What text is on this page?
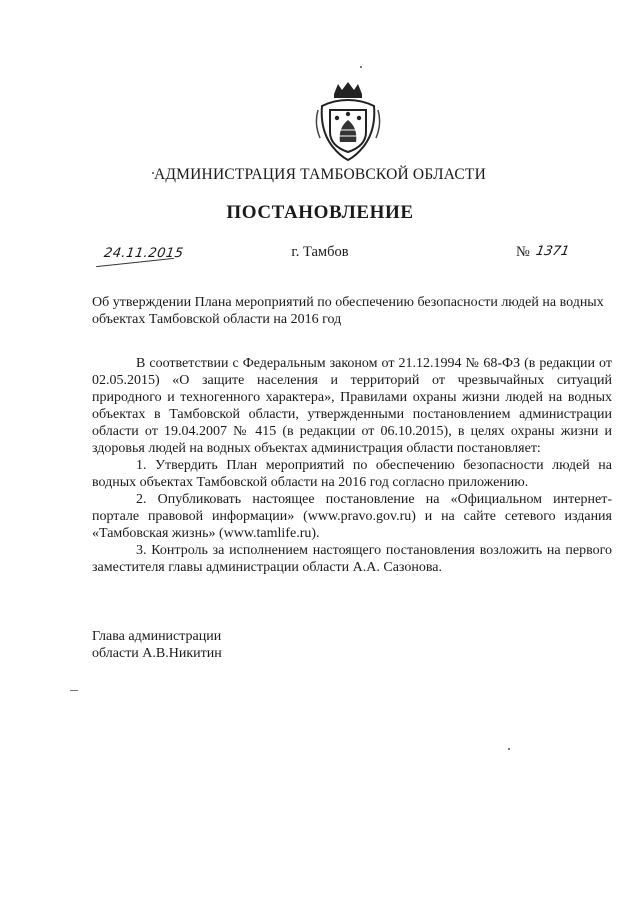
АДМИНИСТРАЦИЯ ТАМБОВСКОЙ ОБЛАСТИ
ПОСТАНОВЛЕНИЕ
24.11.2015	г. Тамбов	№ 1371
Об утверждении Плана мероприятий по обеспечению безопасности людей на водных объектах Тамбовской области на 2016 год

В соответствии с Федеральным законом от 21.12.1994 № 68-ФЗ (в редакции от 02.05.2015) «О защите населения и территорий от чрезвычайных ситуаций природного и техногенного характера», Правилами охраны жизни людей на водных объектах в Тамбовской области, утвержденными постановлением администрации области от 19.04.2007 № 415 (в редакции от 06.10.2015), в целях охраны жизни и здоровья людей на водных объектах администрация области постановляет:

1. Утвердить План мероприятий по обеспечению безопасности людей на водных объектах Тамбовской области на 2016 год согласно приложению.

2. Опубликовать настоящее постановление на «Официальном интернет-портале правовой информации» (www.pravo.gov.ru) и на сайте сетевого издания «Тамбовская жизнь» (www.tamlife.ru).

3. Контроль за исполнением настоящего постановления возложить на первого заместителя главы администрации области А.А. Сазонова.

Глава администрации
области А.В.Никитин
